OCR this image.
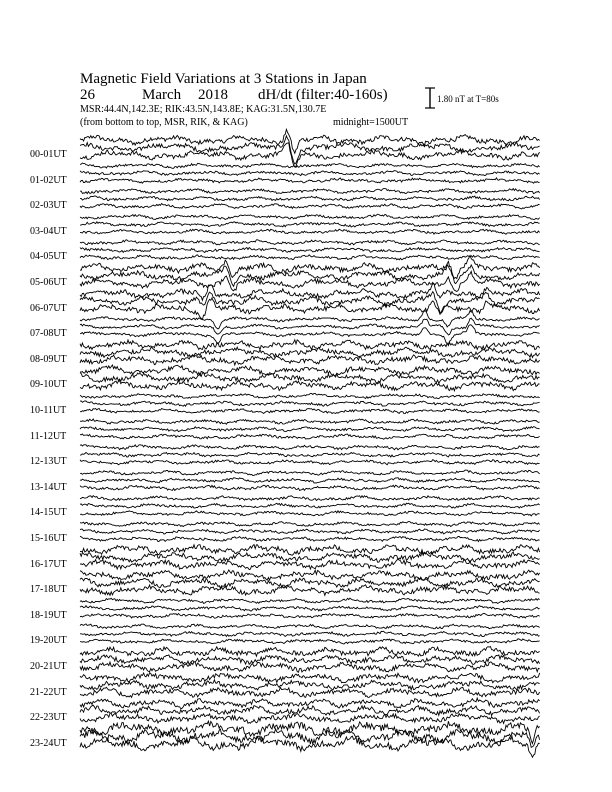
Magnetic Field Variations at 3 Stations in Japan
26	March 2018 dH/dt (filter:40-160s)
MSR:44.4N,142.3E; RIK:43.5N,143.8E; KAG:31.5N,130.7E
(from bottom to top, MSR, RIK, & KAG)	midnight=1500UT
1.80 nT at T=80s
00-01UT
01-02UT
02-03UT
03-04UT
04-05UT
05-06UT
06-07UT
07-08UT
08-09UT
09-10UT
10-11UT
11-12UT
12-13UT
13-14UT
14-15UT
15-16UT
16-17UT
17-18UT
18-19UT
19-20UT
20-21UT
21-22UT
22-23UT
23-24UT
